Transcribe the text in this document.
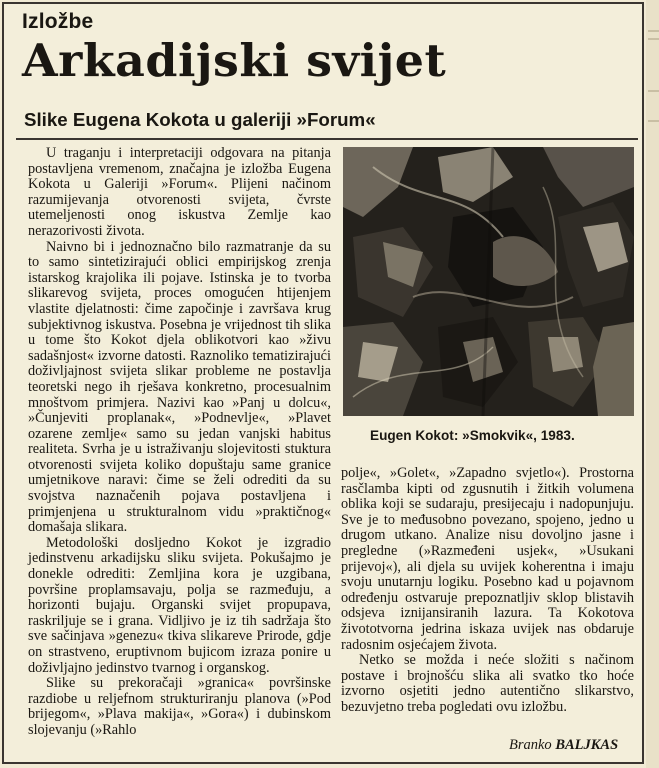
Izložbe
Arkadijski svijet
Slike Eugena Kokota u galeriji »Forum«

U traganju i interpretaciji odgovara na pitanja postavljena vremenom, značajna je izložba Eugena Kokota u Galeriji »Forum«. Plijeni načinom razumijevanja otvorenosti svijeta, čvrste utemeljenosti onog iskustva Zemlje kao nerazorivosti života.

Naivno bi i jednoznačno bilo razmatranje da su to samo sintetizirajući oblici empirijskog zrenja istarskog krajolika ili pojave. Istinska je to tvorba slikarevog svijeta, proces omogućen htijenjem vlastite djelatnosti: čime započinje i završava krug subjektivnog iskustva. Posebna je vrijednost tih slika u tome što Kokot djela oblikotvori kao »živu sadašnjost« izvorne datosti. Raznoliko tematizirajući doživljajnost svijeta slikar probleme ne postavlja teoretski nego ih rješava konkretno, procesualnim mnoštvom primjera. Nazivi kao »Panj u dolcu«, »Čunjeviti proplanak«, »Podnevlje«, »Plavet ozarene zemlje« samo su jedan vanjski habitus realiteta. Svrha je u istraživanju slojevitosti stuktura otvorenosti svijeta koliko dopuštaju same granice umjetnikove naravi: čime se želi odrediti da su svojstva naznačenih pojava postavljena i primjenjena u strukturalnom vidu »praktičnog« domašaja slikara.

Metodološki dosljedno Kokot je izgradio jedinstvenu arkadijsku sliku svijeta. Pokušajmo je donekle odrediti: Zemljina kora je uzgibana, površine proplamsavaju, polja se razmeđuju, a horizonti bujaju. Organski svijet propupava, raskriljuje se i grana. Vidljivo je iz tih sadržaja što sve sačinjava »genezu« tkiva slikareve Prirode, gdje on strastveno, eruptivnom bujicom izraza ponire u doživljajno jedinstvo tvarnog i organskog.

Slike su prekoračaji »granica« površinske razdiobe u reljefnom strukturiranju planova (»Pod brijegom«, »Plava makija«, »Gora«) i dubinskom slojevanju (»Rahlo

Eugen Kokot: »Smokvik«, 1983.

polje«, »Golet«, »Zapadno svjetlo«). Prostorna rasčlamba kipti od zgusnutih i žitkih volumena oblika koji se sudaraju, presijecaju i nadopunjuju. Sve je to međusobno povezano, spojeno, jedno u drugom utkano. Analize nisu dovoljno jasne i pregledne (»Razmeđeni usjek«, »Usukani prijevoj«), ali djela su uvijek koherentna i imaju svoju unutarnju logiku. Posebno kad u pojavnom određenju ostvaruje prepoznatljiv sklop blistavih odsjeva iznijansiranih lazura. Ta Kokotova živototvorna jedrina iskaza uvijek nas obdaruje radosnim osjećajem života.

Netko se možda i neće složiti s načinom postave i brojnošću slika ali svatko tko hoće izvorno osjetiti jedno autentično slikarstvo, bezuvjetno treba pogledati ovu izložbu.

Branko BALJKAS
